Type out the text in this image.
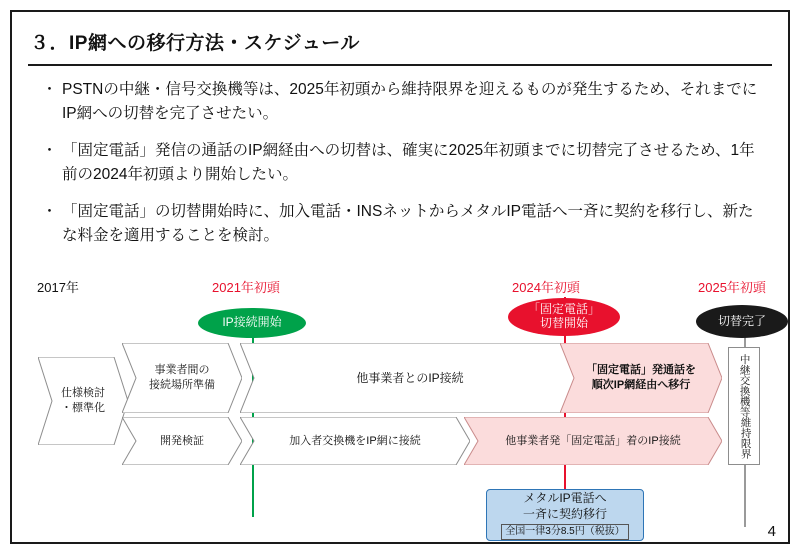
３．IP網への移行方法・スケジュール
・ PSTNの中継・信号交換機等は、2025年初頭から維持限界を迎えるものが発生するため、それまでにIP網への切替を完了させたい。
・ 「固定電話」発信の通話のIP網経由への切替は、確実に2025年初頭までに切替完了させるため、1年前の2024年初頭より開始したい。
・ 「固定電話」の切替開始時に、加入電話・INSネットからメタルIP電話へ一斉に契約を移行し、新たな料金を適用することを検討。
2017年	2021年初頭	2024年初頭	2025年初頭
IP接続開始
「固定電話」
切替開始	切替完了
仕様検討
・標準化
事業者間の
接続場所準備
開発検証
他事業者とのIP接続
加入者交換機をIP網に接続	他事業者発「固定電話」着のIP接続
「固定電話」発通話を
順次IP網経由へ移行	中継交換機等
維持限界
メタルIP電話へ
一斉に契約移行
全国一律3分8.5円（税抜）	4
